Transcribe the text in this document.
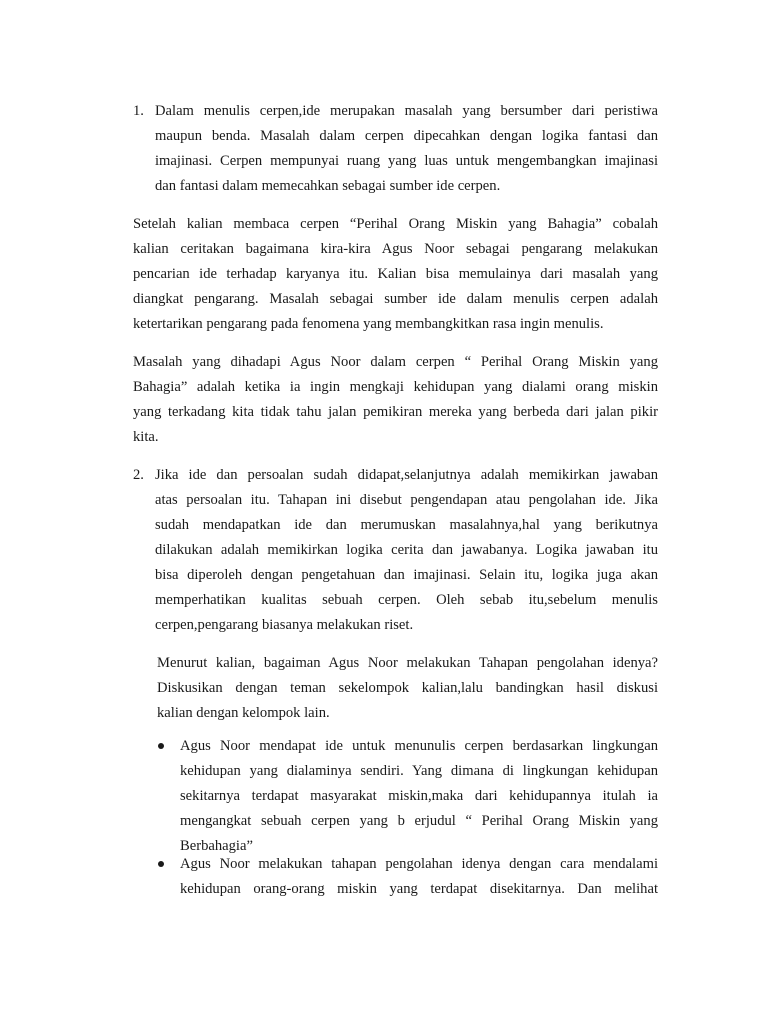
1. Dalam menulis cerpen,ide merupakan masalah yang bersumber dari peristiwa
maupun benda. Masalah dalam cerpen dipecahkan dengan logika fantasi dan
imajinasi. Cerpen mempunyai ruang yang luas untuk mengembangkan imajinasi
dan fantasi dalam memecahkan sebagai sumber ide cerpen.
Setelah kalian membaca cerpen “Perihal Orang Miskin yang Bahagia” cobalah
kalian ceritakan bagaimana kira-kira Agus Noor sebagai pengarang melakukan
pencarian ide terhadap karyanya itu. Kalian bisa memulainya dari masalah yang
diangkat pengarang. Masalah sebagai sumber ide dalam menulis cerpen adalah
ketertarikan pengarang pada fenomena yang membangkitkan rasa ingin menulis.
Masalah yang dihadapi Agus Noor dalam cerpen “ Perihal Orang Miskin yang
Bahagia” adalah ketika ia ingin mengkaji kehidupan yang dialami orang miskin
yang terkadang kita tidak tahu jalan pemikiran mereka yang berbeda dari jalan pikir
kita.
2. Jika ide dan persoalan sudah didapat,selanjutnya adalah memikirkan jawaban
atas persoalan itu. Tahapan ini disebut pengendapan atau pengolahan ide. Jika
sudah mendapatkan ide dan merumuskan masalahnya,hal yang berikutnya
dilakukan adalah memikirkan logika cerita dan jawabanya. Logika jawaban itu
bisa diperoleh dengan pengetahuan dan imajinasi. Selain itu, logika juga akan
memperhatikan kualitas sebuah cerpen. Oleh sebab itu,sebelum menulis
cerpen,pengarang biasanya melakukan riset.
Menurut kalian, bagaiman Agus Noor melakukan Tahapan pengolahan idenya?
Diskusikan dengan teman sekelompok kalian,lalu bandingkan hasil diskusi
kalian dengan kelompok lain.
Agus Noor mendapat ide untuk menunulis cerpen berdasarkan lingkungan
kehidupan yang dialaminya sendiri. Yang dimana di lingkungan kehidupan
sekitarnya terdapat masyarakat miskin,maka dari kehidupannya itulah ia
mengangkat sebuah cerpen yang b erjudul “ Perihal Orang Miskin yang
Berbahagia”
Agus Noor melakukan tahapan pengolahan idenya dengan cara mendalami
kehidupan orang-orang miskin yang terdapat disekitarnya. Dan melihat
